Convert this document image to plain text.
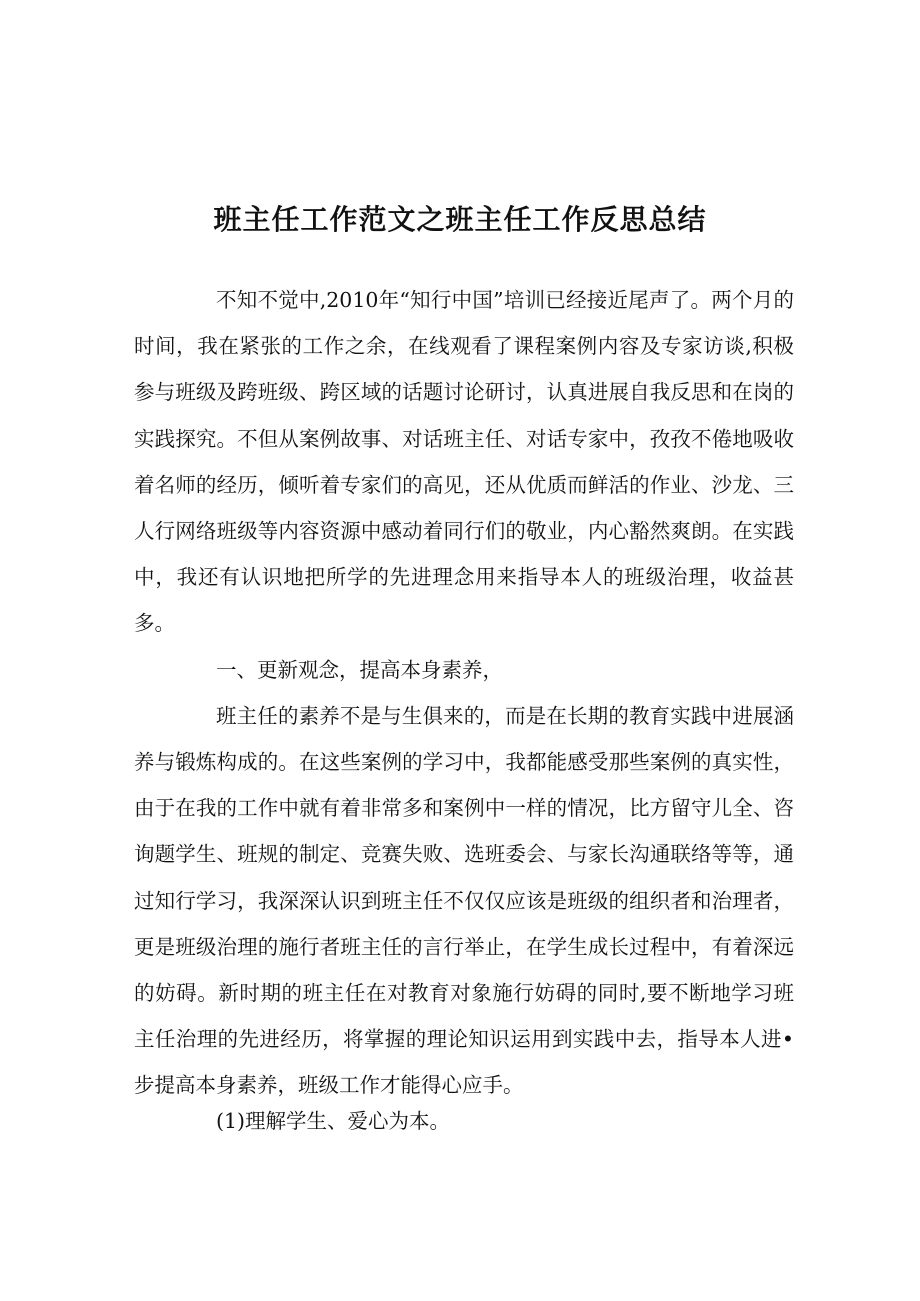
班主任工作范文之班主任工作反思总结

不知不觉中,2010年“知行中国”培训已经接近尾声了。两个月的时间，我在紧张的工作之余，在线观看了课程案例内容及专家访谈,积极参与班级及跨班级、跨区域的话题讨论研讨，认真进展自我反思和在岗的实践探究。不但从案例故事、对话班主任、对话专家中，孜孜不倦地吸收着名师的经历，倾听着专家们的高见，还从优质而鲜活的作业、沙龙、三人行网络班级等内容资源中感动着同行们的敬业，内心豁然爽朗。在实践中，我还有认识地把所学的先进理念用来指导本人的班级治理，收益甚多。

一、更新观念，提高本身素养，

班主任的素养不是与生俱来的，而是在长期的教育实践中进展涵养与锻炼构成的。在这些案例的学习中，我都能感受那些案例的真实性，由于在我的工作中就有着非常多和案例中一样的情况，比方留守儿全、咨询题学生、班规的制定、竞赛失败、选班委会、与家长沟通联络等等，通过知行学习，我深深认识到班主任不仅仅应该是班级的组织者和治理者，更是班级治理的施行者班主任的言行举止，在学生成长过程中，有着深远的妨碍。新时期的班主任在对教育对象施行妨碍的同时,要不断地学习班主任治理的先进经历，将掌握的理论知识运用到实践中去，指导本人进•步提高本身素养，班级工作才能得心应手。

(1)理解学生、爱心为本。
